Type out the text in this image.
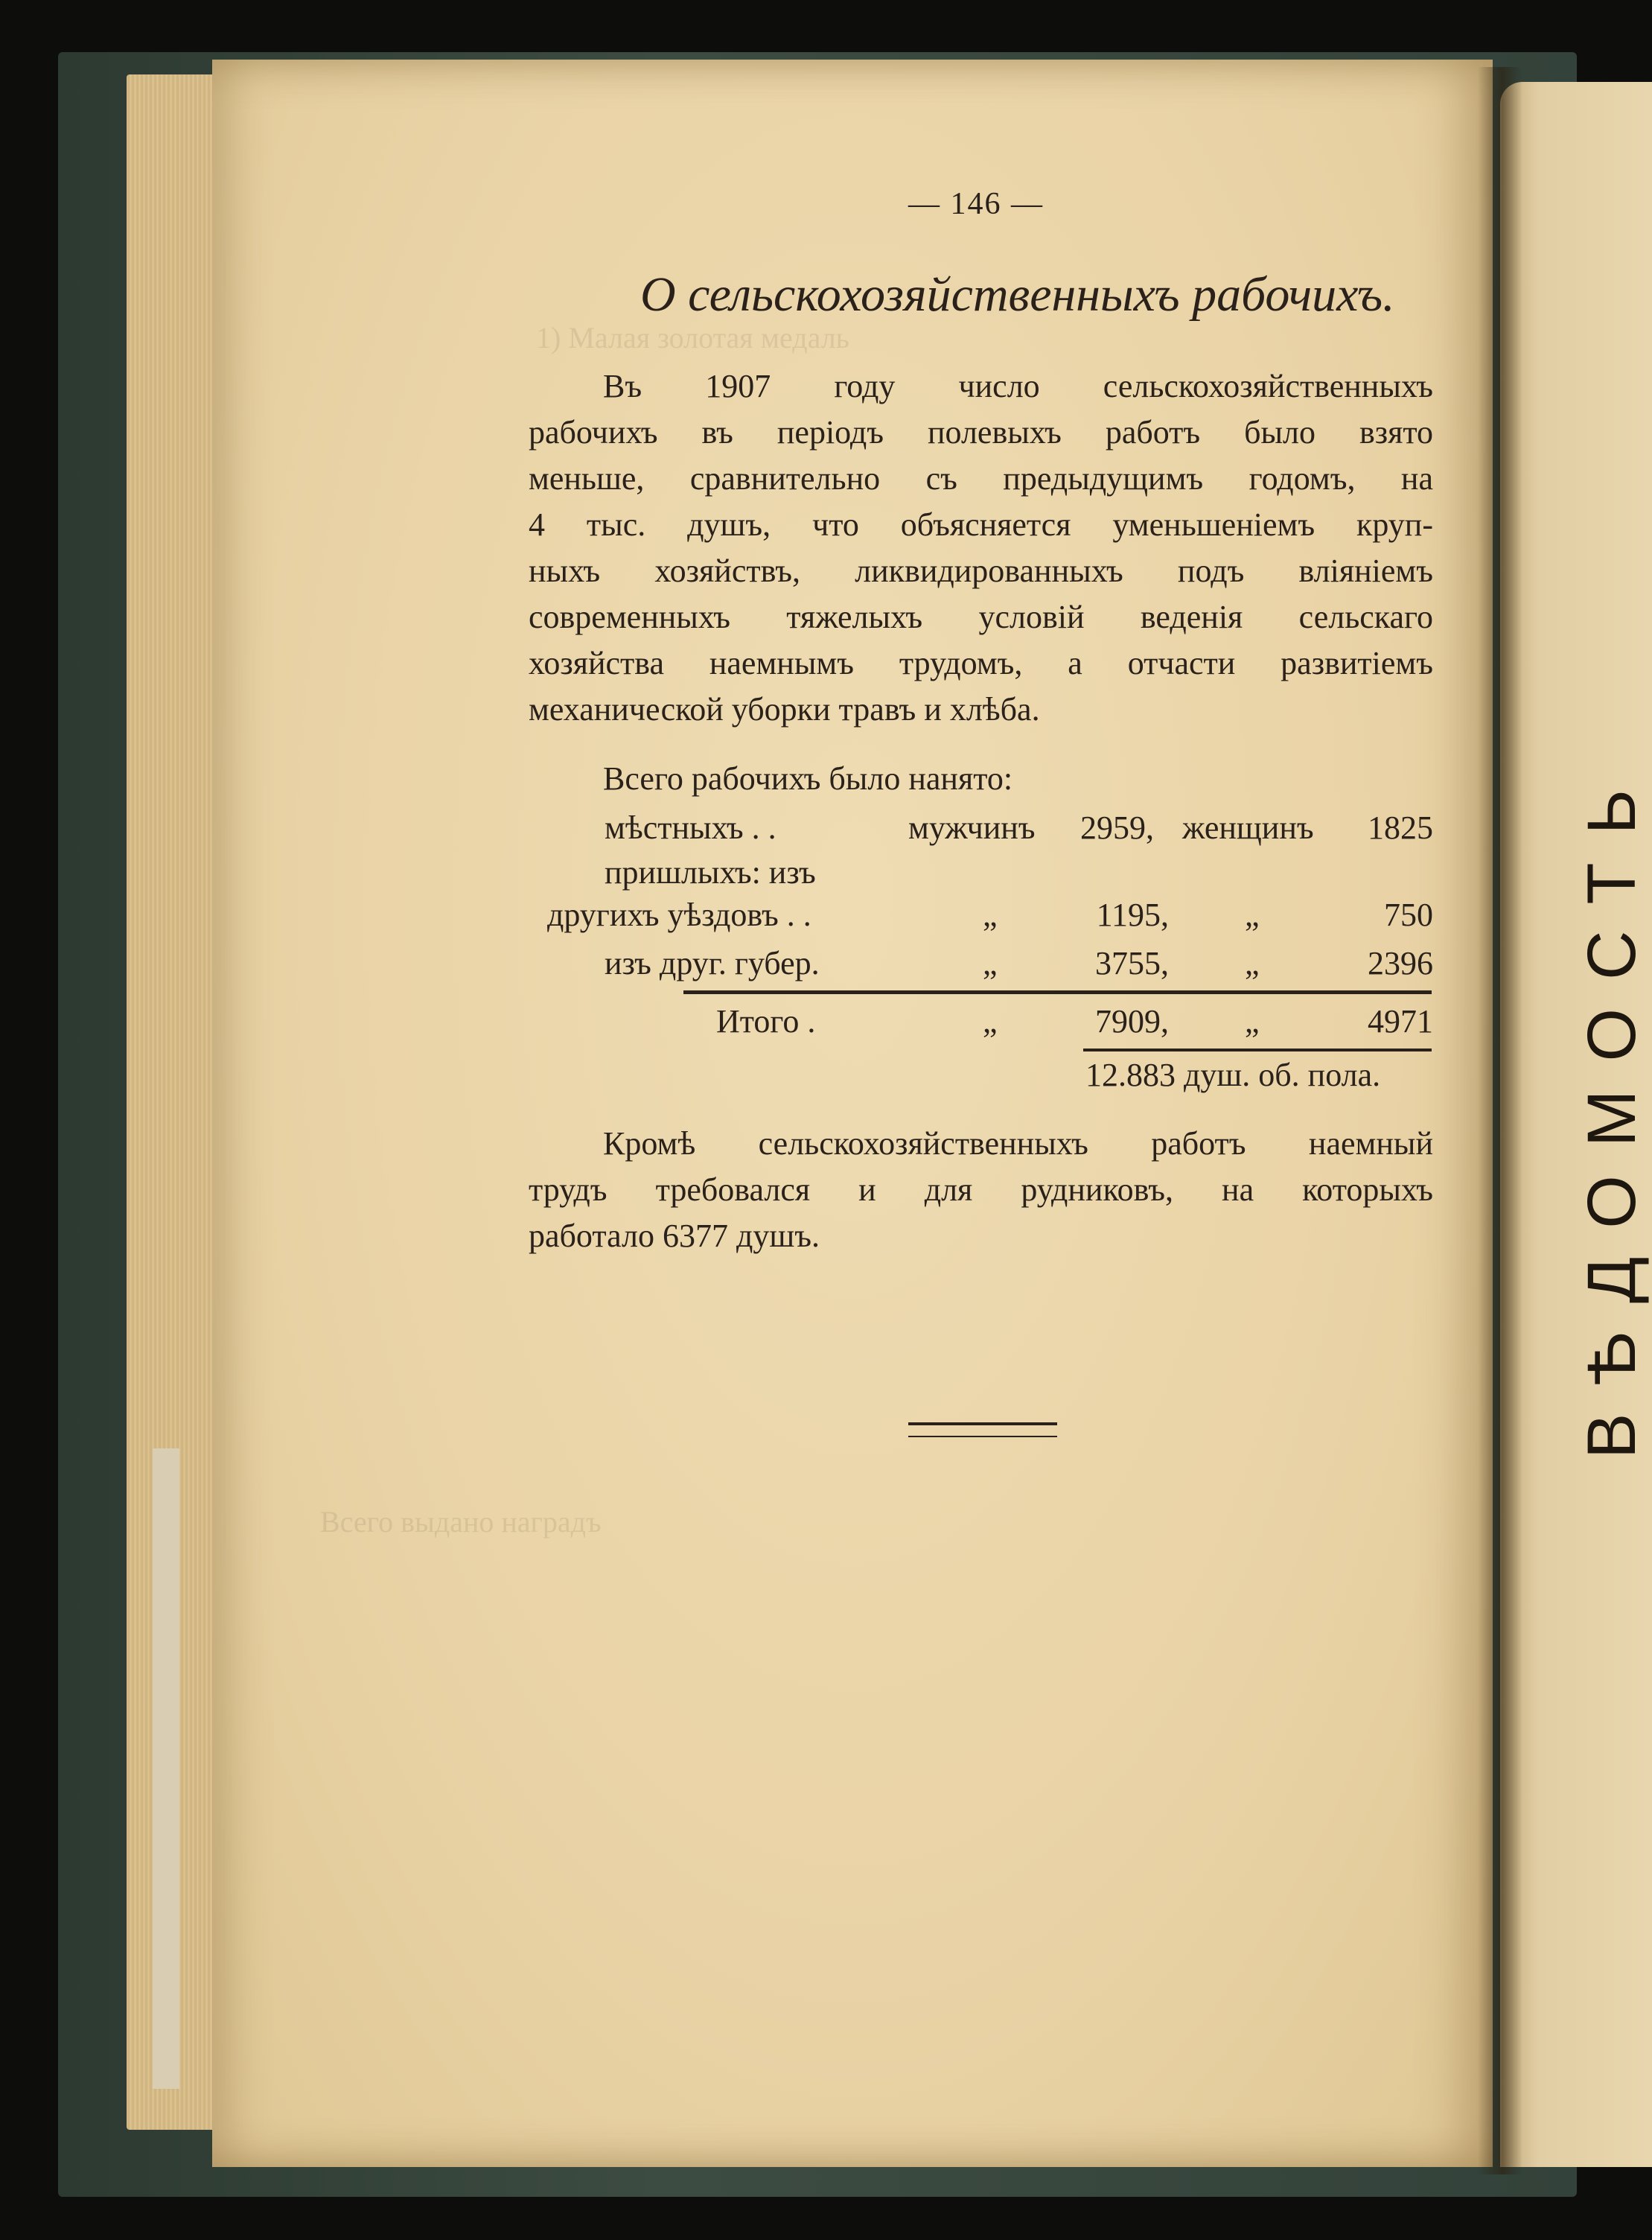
1) Малая золотая медаль
Всего выдано наградъ
ВѢДОМОСТЬ
— 146 —
О сельскохозяйственныхъ рабочихъ.
Въ 1907 году число сельскохозяйственныхъ
рабочихъ въ періодъ полевыхъ работъ было взято
меньше, сравнительно съ предыдущимъ годомъ, на
4 тыс. душъ, что объясняется уменьшеніемъ круп-
ныхъ хозяйствъ, ликвидированныхъ подъ вліяніемъ
современныхъ тяжелыхъ условій веденія сельскаго
хозяйства наемнымъ трудомъ, а отчасти развитіемъ
механической уборки травъ и хлѣба.
Всего рабочихъ было нанято:
мѣстныхъ . .	мужчинъ	2959, женщинъ	1825
пришлыхъ: изъ
другихъ уѣздовъ . .	„	1195, „	750
изъ друг. губер.	„	3755, „	2396
Итого .	„	7909, „	4971
12.883 душ. об. пола.
Кромѣ сельскохозяйственныхъ работъ наемный
трудъ требовался и для рудниковъ, на которыхъ
работало 6377 душъ.
